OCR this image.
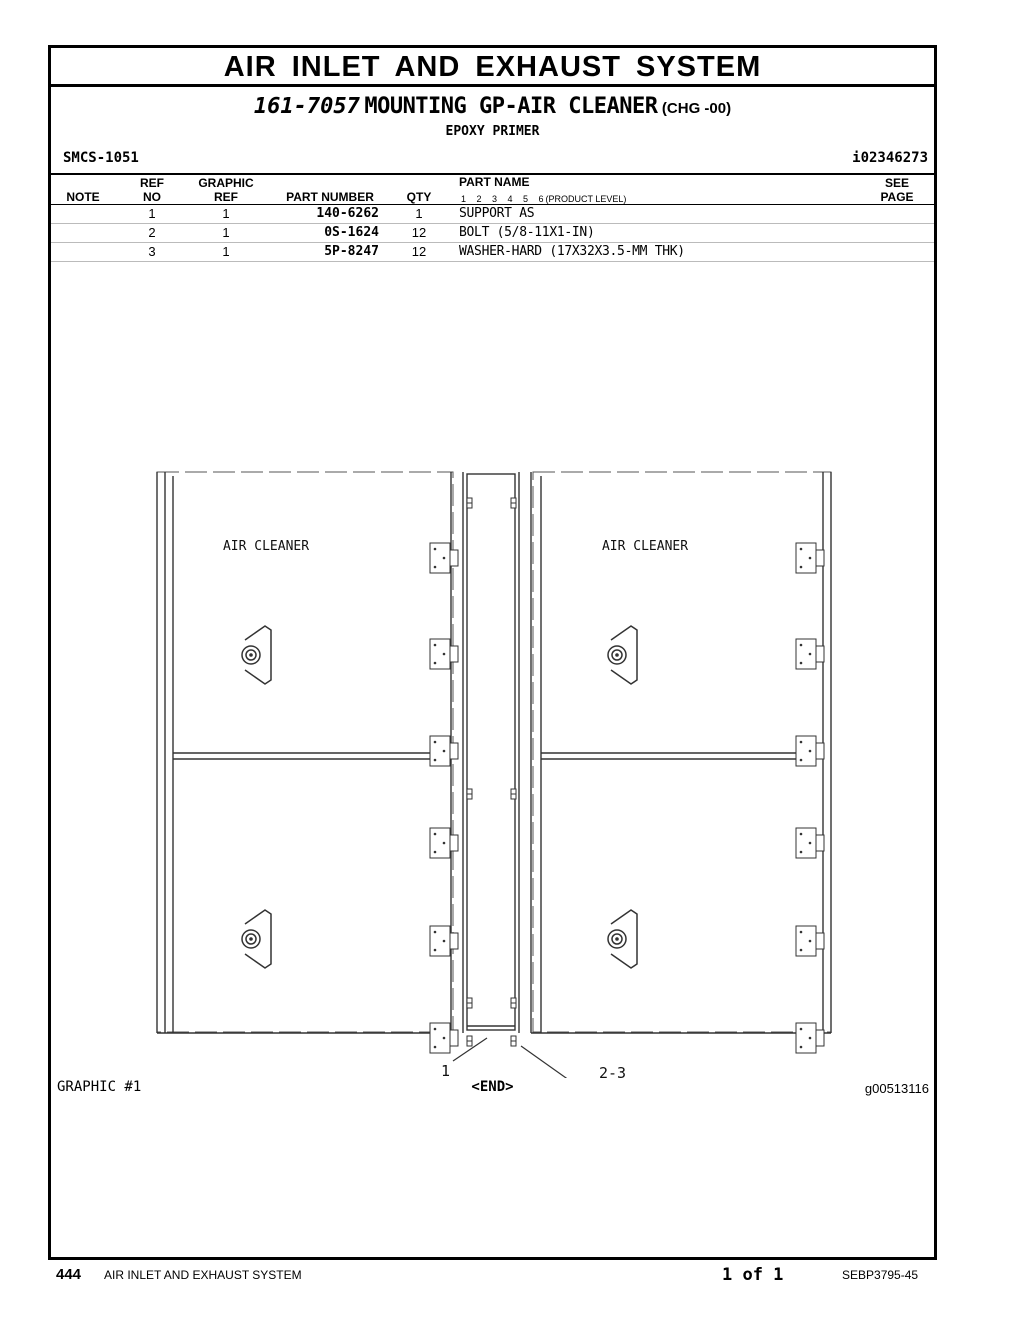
AIR INLET AND EXHAUST SYSTEM
161-7057 MOUNTING GP-AIR CLEANER (CHG -00)
EPOXY PRIMER
SMCS-1051	i02346273
NOTE
REF
NO
GRAPHIC
REF	PART NUMBER	QTY
PART NAME
1 2 3 4 5 6 (PRODUCT LEVEL)
SEE
PAGE
1	1	140-6262	1	SUPPORT AS
2	1	0S-1624	12	BOLT (5/8-11X1-IN)
3	1	5P-8247	12	WASHER-HARD (17X32X3.5-MM THK)
AIR CLEANER	AIR CLEANER
1	2-3
GRAPHIC #1	<END>	g00513116
444 AIR INLET AND EXHAUST SYSTEM	1 of 1	SEBP3795-45
